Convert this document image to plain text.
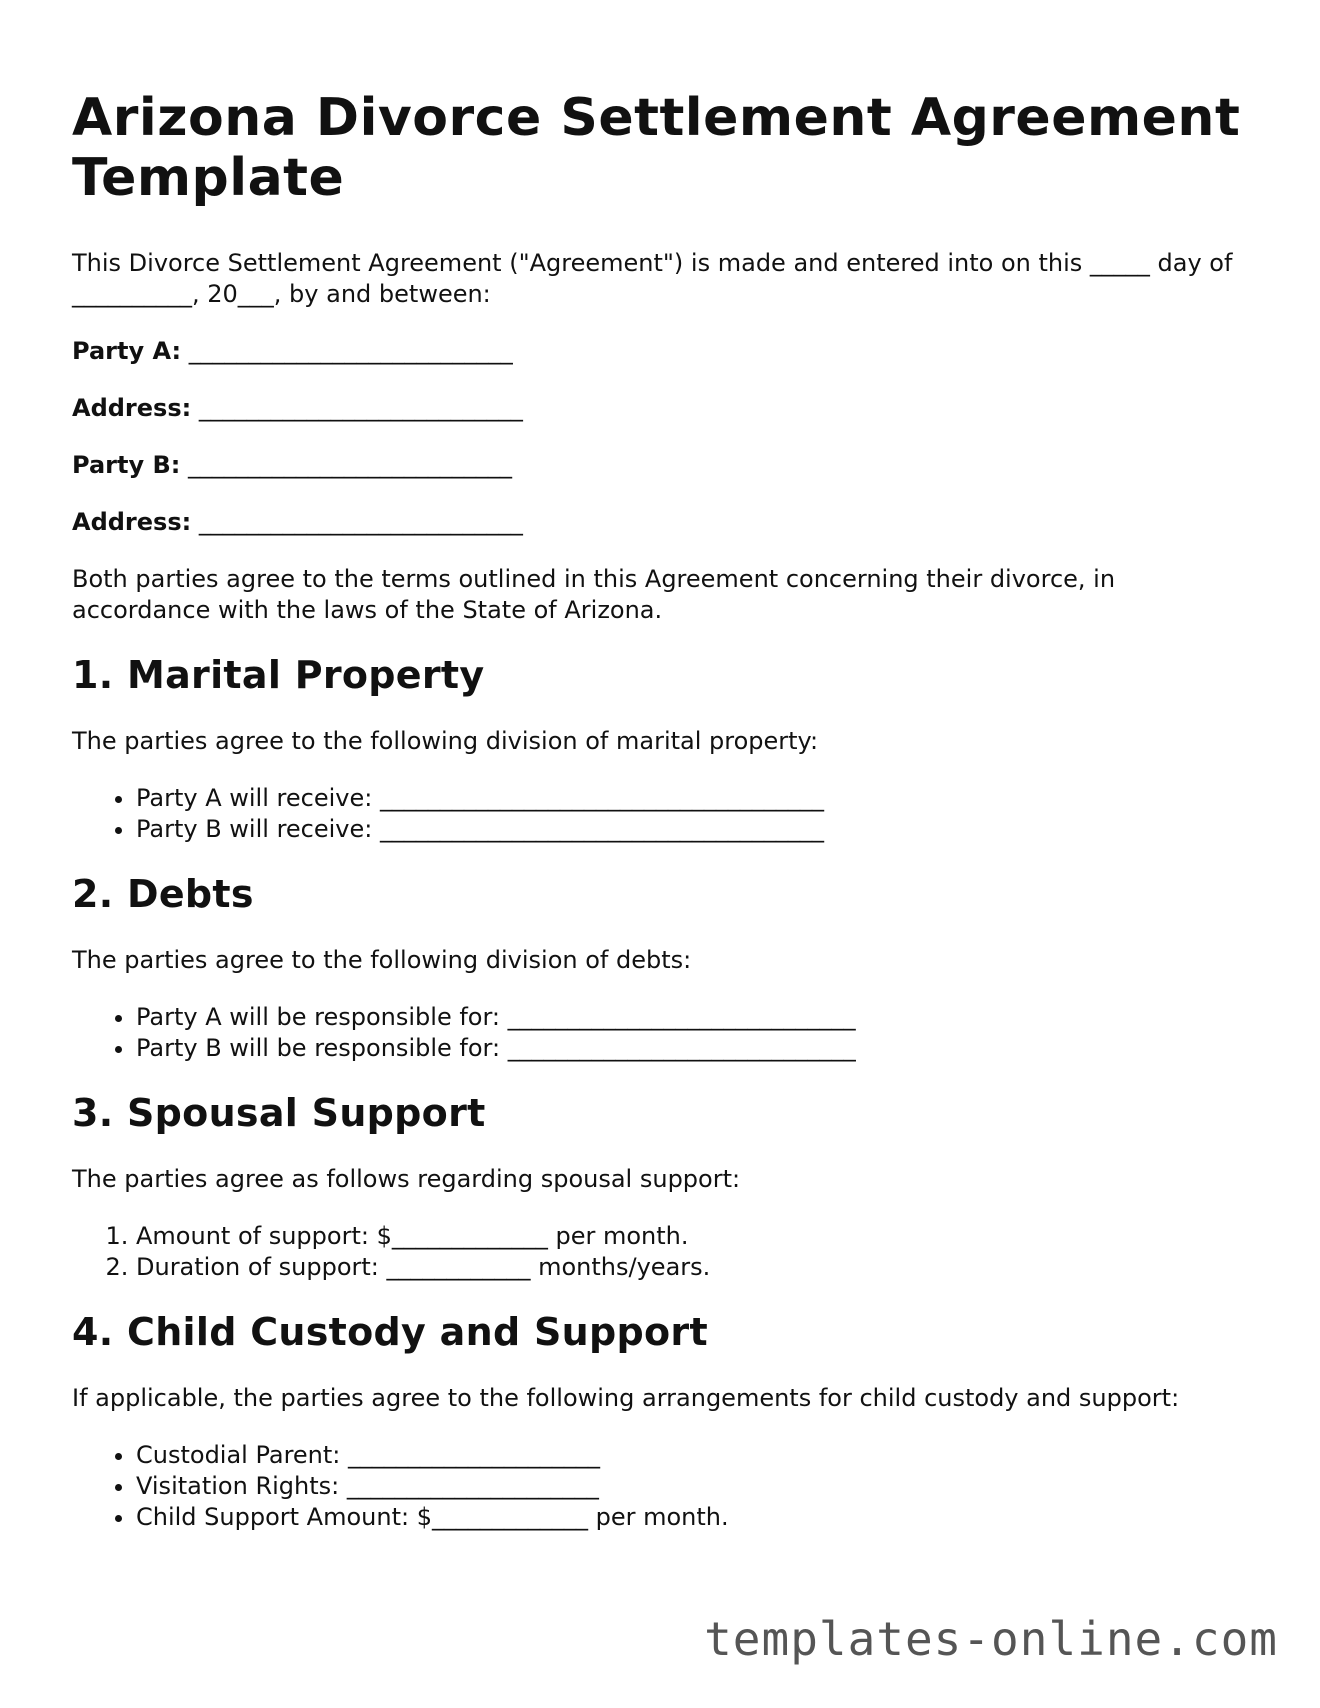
Arizona Divorce Settlement Agreement Template

This Divorce Settlement Agreement ("Agreement") is made and entered into on this _____ day of __________, 20___, by and between:

Party A: ___________________________
Address: ___________________________
Party B: ___________________________
Address: ___________________________

Both parties agree to the terms outlined in this Agreement concerning their divorce, in accordance with the laws of the State of Arizona.

1. Marital Property

The parties agree to the following division of marital property:

• Party A will receive: _____________________________________
• Party B will receive: _____________________________________
2. Debts

The parties agree to the following division of debts:

• Party A will be responsible for: _____________________________
• Party B will be responsible for: _____________________________
3. Spousal Support

The parties agree as follows regarding spousal support:

1. Amount of support: $_____________ per month.
2. Duration of support: ____________ months/years.
4. Child Custody and Support

If applicable, the parties agree to the following arrangements for child custody and support:

• Custodial Parent: _____________________
• Visitation Rights: _____________________
• Child Support Amount: $_____________ per month.
templates-online.com
